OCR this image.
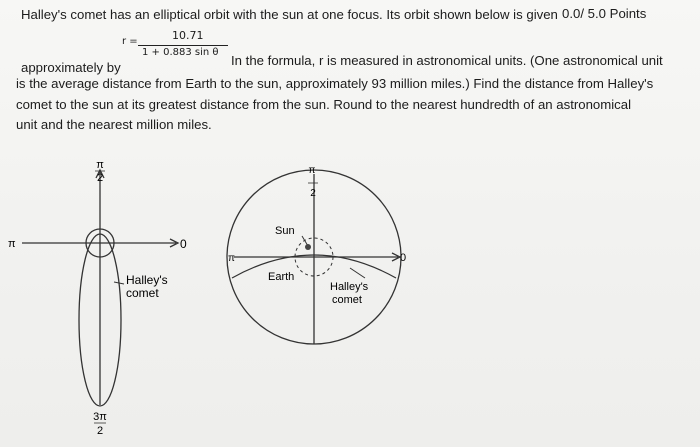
Halley's comet has an elliptical orbit with the sun at one focus. Its orbit shown below is given 0.0/ 5.0 Points
r =	10.71
1 + 0.883 sin θ
approximately by	In the formula, r is measured in astronomical units. (One astronomical unit
is the average distance from Earth to the sun, approximately 93 million miles.) Find the distance from Halley's
comet to the sun at its greatest distance from the sun. Round to the nearest hundredth of an astronomical
unit and the nearest million miles.
π
2
π	0
Halley's
comet
3π
2
π
2
π	0
Sun
Earth
Halley's
comet
